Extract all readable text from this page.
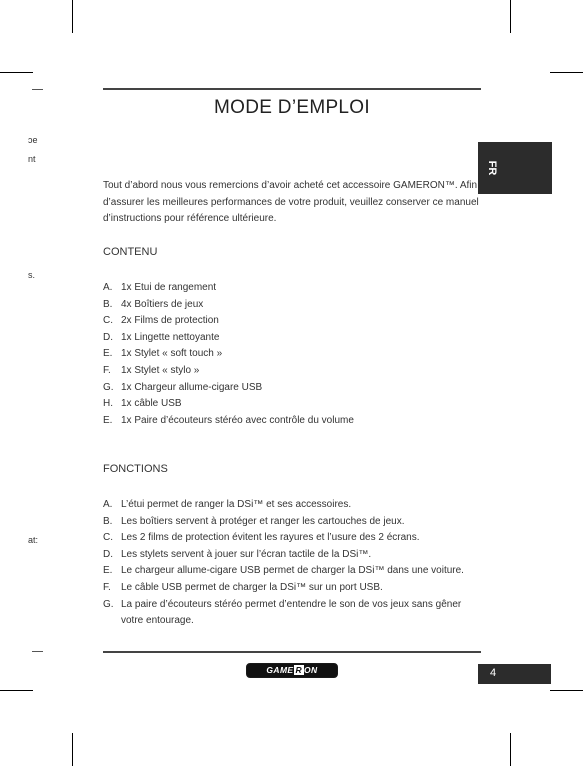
ɔe
nt
s.
at:
MODE D’EMPLOI
FR

Tout d’abord nous vous remercions d’avoir acheté cet accessoire GAMERON™. Afin d’assurer les meilleures performances de votre produit, veuillez conserver ce manuel d’instructions pour référence ultérieure.

CONTENU
A. 1x Etui de rangement
B. 4x Boîtiers de jeux
C. 2x Films de protection
D. 1x Lingette nettoyante
E. 1x Stylet « soft touch »
F.	1x Stylet « stylo »
G. 1x Chargeur allume-cigare USB
H. 1x câble USB
E. 1x Paire d’écouteurs stéréo avec contrôle du volume
FONCTIONS
A. L’étui permet de ranger la DSi™ et ses accessoires.
B. Les boîtiers servent à protéger et ranger les cartouches de jeux.
C. Les 2 films de protection évitent les rayures et l’usure des 2 écrans.
D. Les stylets servent à jouer sur l’écran tactile de la DSi™.
E. Le chargeur allume-cigare USB permet de charger la DSi™ dans une voiture.
F.	Le câble USB permet de charger la DSi™ sur un port USB.
G. La paire d’écouteurs stéréo permet d’entendre le son de vos jeux sans gêner votre entourage.
GAME R ON	4
